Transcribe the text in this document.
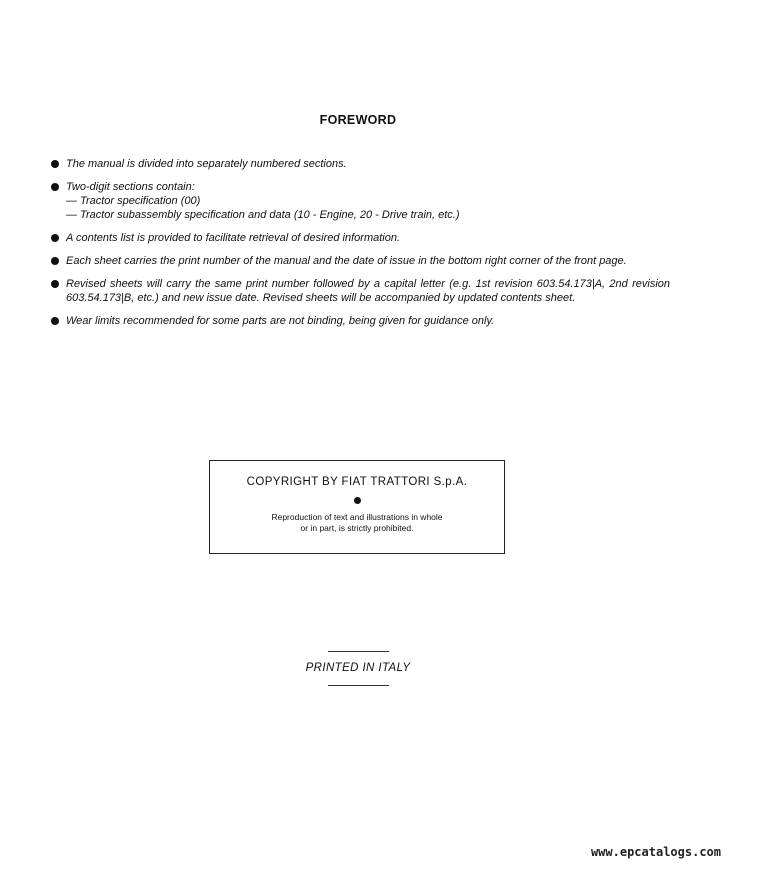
FOREWORD
The manual is divided into separately numbered sections.
Two-digit sections contain:
— Tractor specification (00)
— Tractor subassembly specification and data (10 - Engine, 20 - Drive train, etc.)
A contents list is provided to facilitate retrieval of desired information.
Each sheet carries the print number of the manual and the date of issue in the bottom right corner of the front page.
Revised sheets will carry the same print number followed by a capital letter (e.g. 1st revision 603.54.173|A, 2nd revision 603.54.173|B, etc.) and new issue date. Revised sheets will be accompanied by updated contents sheet.
Wear limits recommended for some parts are not binding, being given for guidance only.
COPYRIGHT BY FIAT TRATTORI S.p.A.
Reproduction of text and illustrations in whole
or in part, is strictly prohibited.
PRINTED IN ITALY
www.epcatalogs.com
